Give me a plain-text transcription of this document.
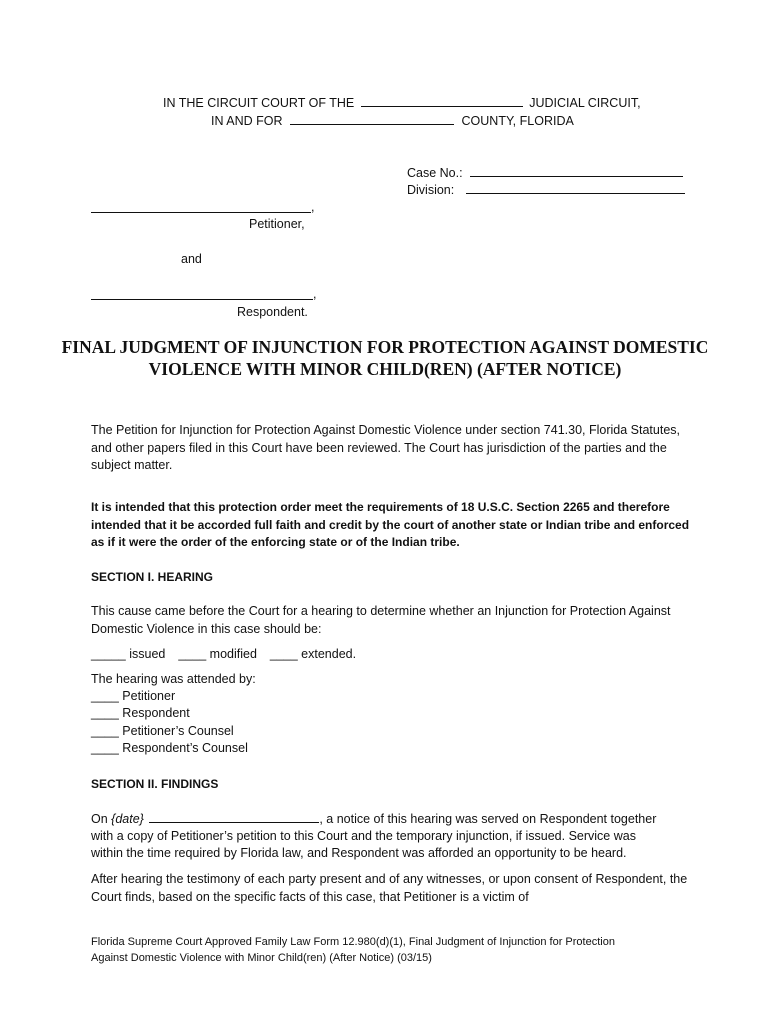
IN THE CIRCUIT COURT OF THE	JUDICIAL CIRCUIT,
IN AND FOR	COUNTY, FLORIDA
Case No.:
Division:
,
Petitioner,
and
,
Respondent.
FINAL JUDGMENT OF INJUNCTION FOR PROTECTION AGAINST DOMESTIC
VIOLENCE WITH MINOR CHILD(REN) (AFTER NOTICE)
The Petition for Injunction for Protection Against Domestic Violence under section 741.30, Florida Statutes, and other papers filed in this Court have been reviewed. The Court has jurisdiction of the parties and the subject matter.
It is intended that this protection order meet the requirements of 18 U.S.C. Section 2265 and therefore intended that it be accorded full faith and credit by the court of another state or Indian tribe and enforced as if it were the order of the enforcing state or of the Indian tribe.
SECTION I. HEARING
This cause came before the Court for a hearing to determine whether an Injunction for Protection Against Domestic Violence in this case should be:
_____ issued ____ modified ____ extended.
The hearing was attended by:
____ Petitioner
____ Respondent
____ Petitioner’s Counsel
____ Respondent’s Counsel
SECTION II. FINDINGS
On {date}	, a notice of this hearing was served on Respondent together
with a copy of Petitioner’s petition to this Court and the temporary injunction, if issued. Service was
within the time required by Florida law, and Respondent was afforded an opportunity to be heard.
After hearing the testimony of each party present and of any witnesses, or upon consent of Respondent, the Court finds, based on the specific facts of this case, that Petitioner is a victim of
Florida Supreme Court Approved Family Law Form 12.980(d)(1), Final Judgment of Injunction for Protection
Against Domestic Violence with Minor Child(ren) (After Notice) (03/15)
